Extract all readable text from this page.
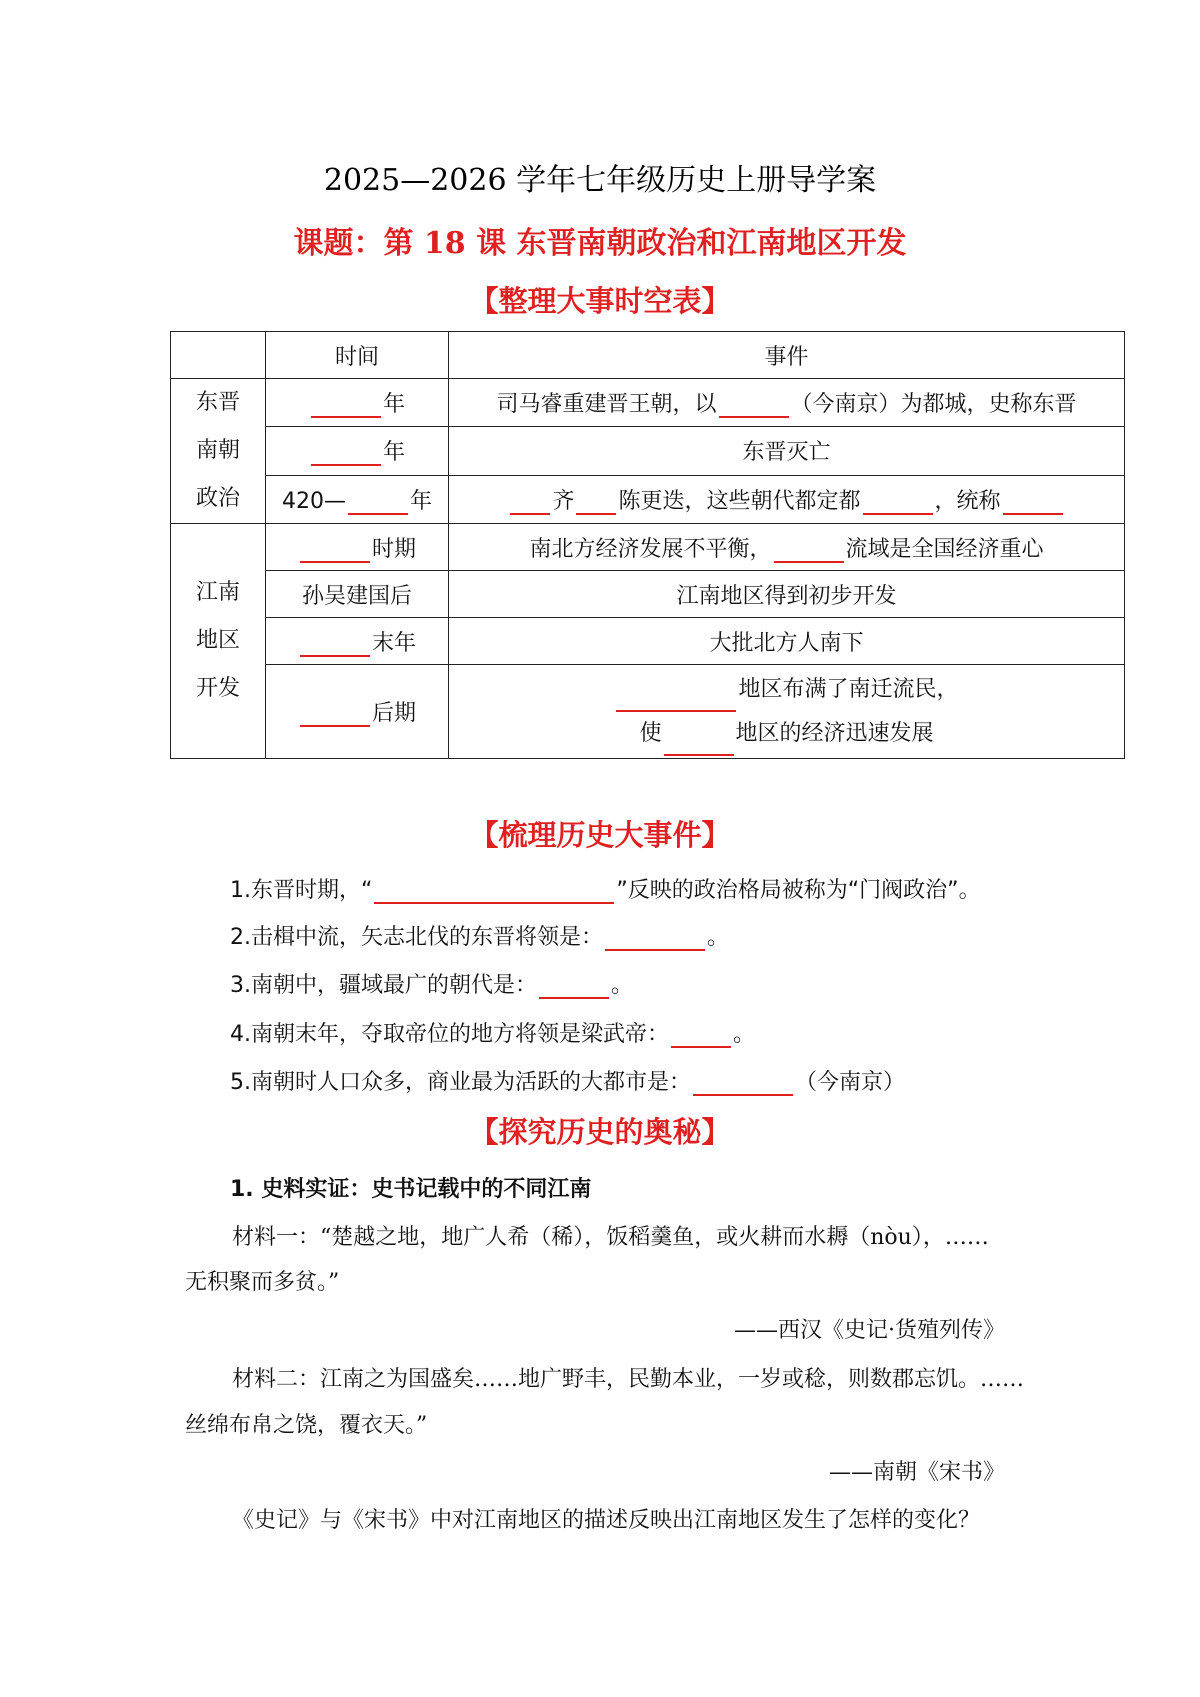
2025—2026 学年七年级历史上册导学案
课题：第 18 课 东晋南朝政治和江南地区开发
【整理大事时空表】
	时间	事件

东晋
南朝
政治	年	司马睿重建晋王朝，以 （今南京）为都城，史称东晋
	年	东晋灭亡
	420— 年	齐 陈更迭，这些朝代都定都 ，统称

江南
地区
开发	时期	南北方经济发展不平衡， 流域是全国经济重心
	孙吴建国后	江南地区得到初步开发
	末年	大批北方人南下
	后期	地区布满了南迁流民，
使 地区的经济迅速发展
【梳理历史大事件】
1.东晋时期，“	”反映的政治格局被称为“门阀政治”。
2.击楫中流，矢志北伐的东晋将领是：	。
3.南朝中，疆域最广的朝代是：	。
4.南朝末年，夺取帝位的地方将领是梁武帝：	。
5.南朝时人口众多，商业最为活跃的大都市是：	（今南京）
【探究历史的奥秘】
1. 史料实证：史书记载中的不同江南
材料一：“楚越之地，地广人希（稀），饭稻羹鱼，或火耕而水耨（nòu），……
无积聚而多贫。”
——西汉《史记·货殖列传》
材料二：江南之为国盛矣……地广野丰，民勤本业，一岁或稔，则数郡忘饥。……
丝绵布帛之饶，覆衣天。”
——南朝《宋书》
《史记》与《宋书》中对江南地区的描述反映出江南地区发生了怎样的变化？
